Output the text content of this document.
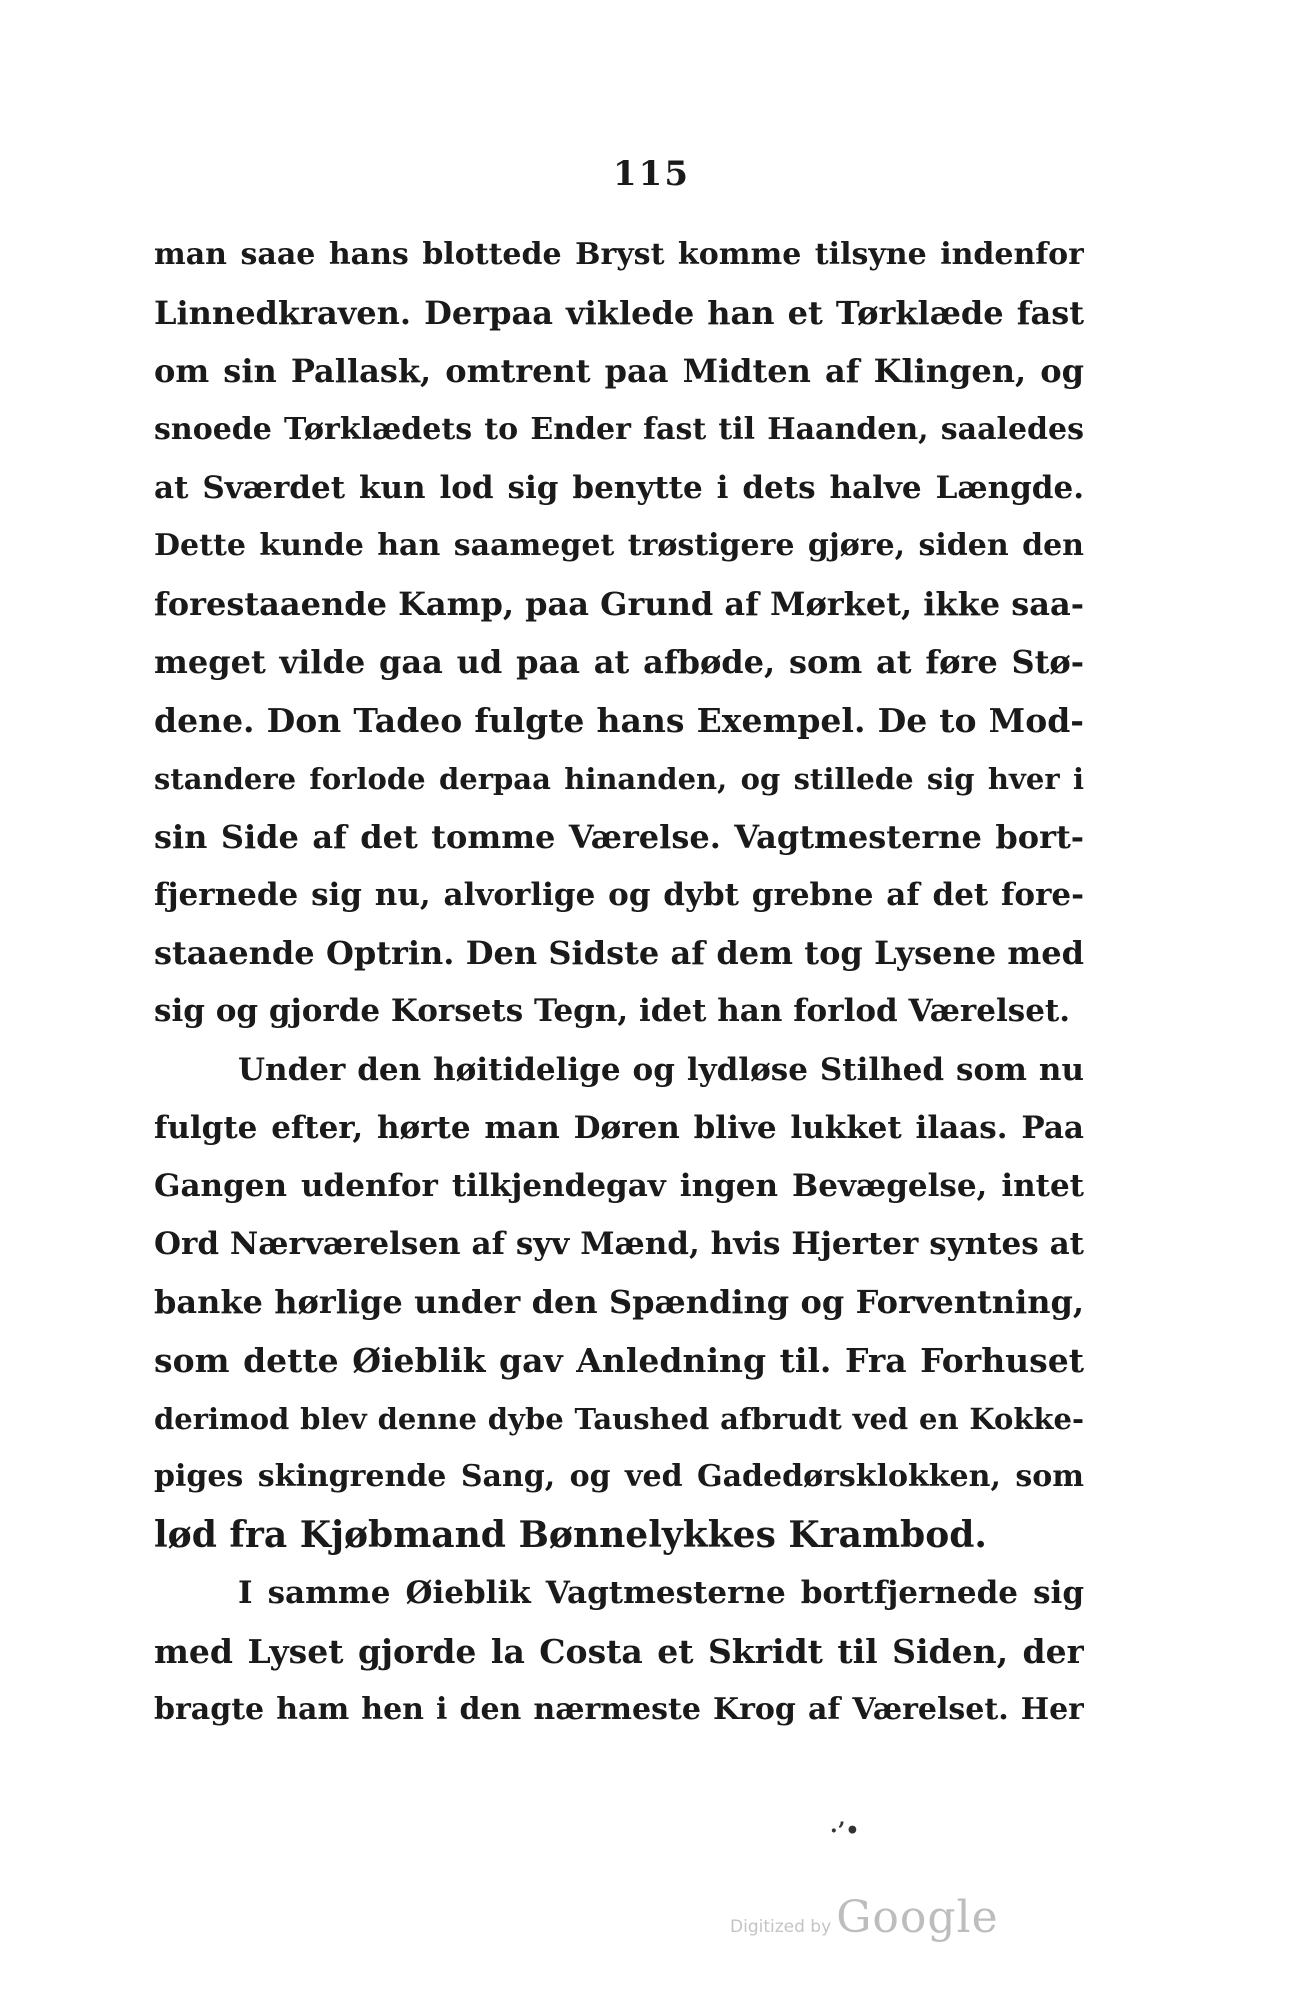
115
man saae hans blottede Bryst komme tilsyne indenfor
Linnedkraven. Derpaa viklede han et Tørklæde fast
om sin Pallask, omtrent paa Midten af Klingen, og
snoede Tørklædets to Ender fast til Haanden, saaledes
at Sværdet kun lod sig benytte i dets halve Længde.
Dette kunde han saameget trøstigere gjøre, siden den
forestaaende Kamp, paa Grund af Mørket, ikke saa-
meget vilde gaa ud paa at afbøde, som at føre Stø-
dene. Don Tadeo fulgte hans Exempel. De to Mod-
standere forlode derpaa hinanden, og stillede sig hver i
sin Side af det tomme Værelse. Vagtmesterne bort-
fjernede sig nu, alvorlige og dybt grebne af det fore-
staaende Optrin. Den Sidste af dem tog Lysene med
sig og gjorde Korsets Tegn, idet han forlod Værelset.
Under den høitidelige og lydløse Stilhed som nu
fulgte efter, hørte man Døren blive lukket ilaas. Paa
Gangen udenfor tilkjendegav ingen Bevægelse, intet
Ord Nærværelsen af syv Mænd, hvis Hjerter syntes at
banke hørlige under den Spænding og Forventning,
som dette Øieblik gav Anledning til. Fra Forhuset
derimod blev denne dybe Taushed afbrudt ved en Kokke-
piges skingrende Sang, og ved Gadedørsklokken, som
lød fra Kjøbmand Bønnelykkes Krambod.
I samme Øieblik Vagtmesterne bortfjernede sig
med Lyset gjorde la Costa et Skridt til Siden, der
bragte ham hen i den nærmeste Krog af Værelset. Her
·’•
Digitized by Google
